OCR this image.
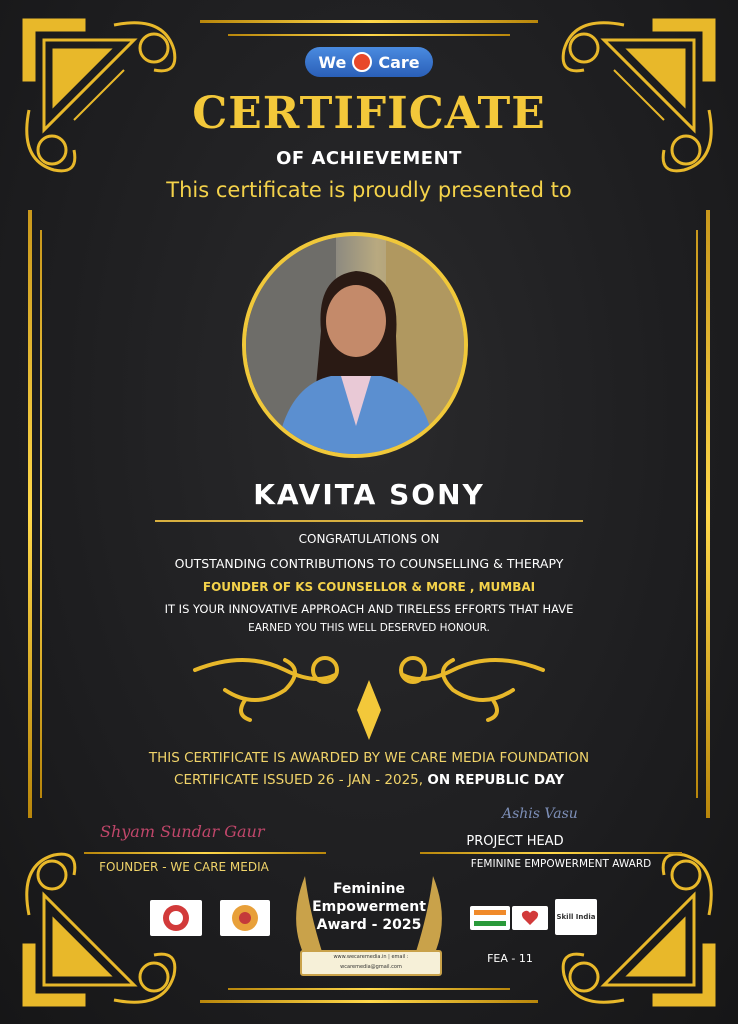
We Care
CERTIFICATE
OF ACHIEVEMENT
This certificate is proudly presented to
KAVITA SONY
CONGRATULATIONS ON
OUTSTANDING CONTRIBUTIONS TO COUNSELLING & THERAPY
FOUNDER OF KS COUNSELLOR & MORE , MUMBAI
IT IS YOUR INNOVATIVE APPROACH AND TIRELESS EFFORTS THAT HAVE
EARNED YOU THIS WELL DESERVED HONOUR.
THIS CERTIFICATE IS AWARDED BY WE CARE MEDIA FOUNDATION
CERTIFICATE ISSUED 26 - JAN - 2025, ON REPUBLIC DAY
Shyam Sundar Gaur
FOUNDER - WE CARE MEDIA
Ashis Vasu
PROJECT HEAD
FEMININE EMPOWERMENT AWARD
Feminine
Empowerment
Award - 2025
www.wecaremedia.in | email : wcaremedia@gmail.com
Skill India
FEA - 11
